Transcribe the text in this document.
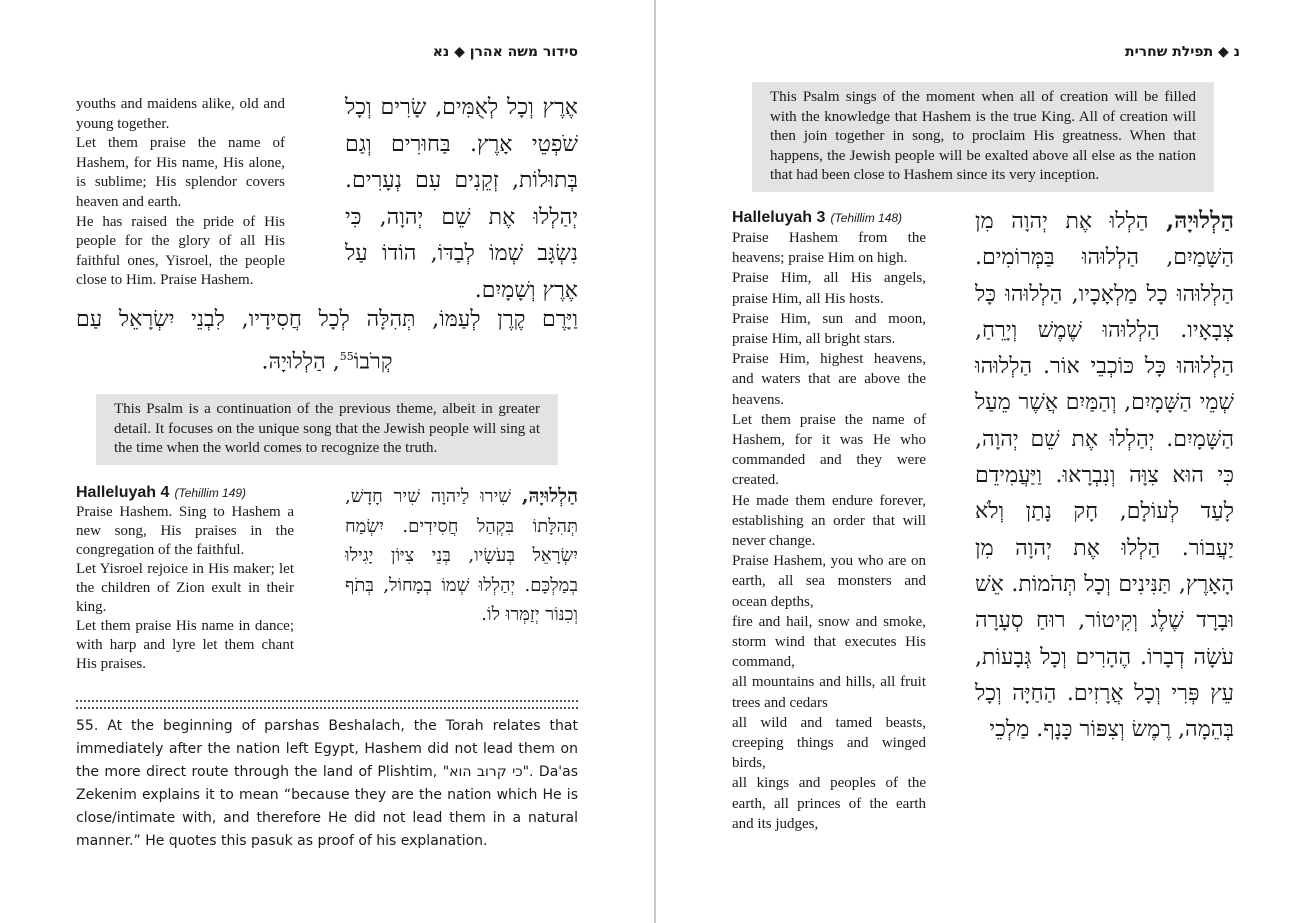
סידור משה אהרן ◆ נא

youths and maidens alike, old and young together.

Let them praise the name of Hashem, for His name, His alone, is sublime; His splendor covers heaven and earth.

He has raised the pride of His people for the glory of all His faithful ones, Yisroel, the people close to Him. Praise Hashem.

אֶרֶץ וְכָל לְאֻמִּים, שָׂרִים וְכָל שֹׁפְטֵי אָרֶץ. בַּחוּרִים וְגַם בְּתוּלוֹת, זְקֵנִים עִם נְעָרִים. יְהַלְלוּ אֶת שֵׁם יְהוָה, כִּי נִשְׂגָּב שְׁמוֹ לְבַדּוֹ, הוֹדוֹ עַל אֶרֶץ וְשָׁמָיִם.
וַיָּרֶם קֶרֶן לְעַמּוֹ, תְּהִלָּה לְכָל חֲסִידָיו, לִבְנֵי יִשְׂרָאֵל עַם
קְרֹבוֹ$^{55}$, הַלְלוּיָהּ.
This Psalm is a continuation of the previous theme, albeit in greater detail. It focuses on the unique song that the Jewish people will sing at the time when the world comes to recognize the truth.
Halleluyah 4 (Tehillim 149)

Praise Hashem. Sing to Hashem a new song, His praises in the congregation of the faithful.

Let Yisroel rejoice in His maker; let the children of Zion exult in their king.

Let them praise His name in dance; with harp and lyre let them chant His praises.

הַלְלוּיָהּ, שִׁירוּ לַיהוָה שִׁיר חָדָשׁ, תְּהִלָּתוֹ בִּקְהַל חֲסִידִים. יִשְׂמַח יִשְׂרָאֵל בְּעֹשָׂיו, בְּנֵי צִיּוֹן יָגִילוּ בְמַלְכָּם. יְהַלְלוּ שְׁמוֹ בְמָחוֹל, בְּתֹף וְכִנּוֹר יְזַמְּרוּ לוֹ.
55. At the beginning of parshas Beshalach, the Torah relates that immediately after the nation left Egypt, Hashem did not lead them on the more direct route through the land of Plishtim, "כי קרוב הוא". Da'as Zekenim explains it to mean “because they are the nation which He is close/intimate with, and therefore He did not lead them in a natural manner.” He quotes this pasuk as proof of his explanation.
נ ◆ תפילת שחרית
This Psalm sings of the moment when all of creation will be filled with the knowledge that Hashem is the true King. All of creation will then join together in song, to proclaim His greatness. When that happens, the Jewish people will be exalted above all else as the nation that had been close to Hashem since its very inception.
Halleluyah 3 (Tehillim 148)

Praise Hashem from the heavens; praise Him on high.

Praise Him, all His angels, praise Him, all His hosts.

Praise Him, sun and moon, praise Him, all bright stars.

Praise Him, highest heavens, and waters that are above the heavens.

Let them praise the name of Hashem, for it was He who commanded and they were created.

He made them endure forever, establishing an order that will never change.

Praise Hashem, you who are on earth, all sea monsters and ocean depths,

fire and hail, snow and smoke, storm wind that executes His command,

all mountains and hills, all fruit trees and cedars

all wild and tamed beasts, creeping things and winged birds,

all kings and peoples of the earth, all princes of the earth and its judges,

הַלְלוּיָהּ, הַלְלוּ אֶת יְהוָה מִן הַשָּׁמַיִם, הַלְלוּהוּ בַּמְּרוֹמִים. הַלְלוּהוּ כָל מַלְאָכָיו, הַלְלוּהוּ כָּל צְבָאָיו. הַלְלוּהוּ שֶׁמֶשׁ וְיָרֵחַ, הַלְלוּהוּ כָּל כּוֹכְבֵי אוֹר. הַלְלוּהוּ שְׁמֵי הַשָּׁמָיִם, וְהַמַּיִם אֲשֶׁר מֵעַל הַשָּׁמָיִם. יְהַלְלוּ אֶת שֵׁם יְהוָה, כִּי הוּא צִוָּה וְנִבְרָאוּ. וַיַּעֲמִידֵם לָעַד לְעוֹלָם, חָק נָתַן וְלֹא יַעֲבוֹר. הַלְלוּ אֶת יְהוָה מִן הָאָרֶץ, תַּנִּינִים וְכָל תְּהֹמוֹת. אֵשׁ וּבָרָד שֶׁלֶג וְקִיטוֹר, רוּחַ סְעָרָה עֹשָׂה דְבָרוֹ. הֶהָרִים וְכָל גְּבָעוֹת, עֵץ פְּרִי וְכָל אֲרָזִים. הַחַיָּה וְכָל בְּהֵמָה, רֶמֶשׂ וְצִפּוֹר כָּנָף. מַלְכֵי
